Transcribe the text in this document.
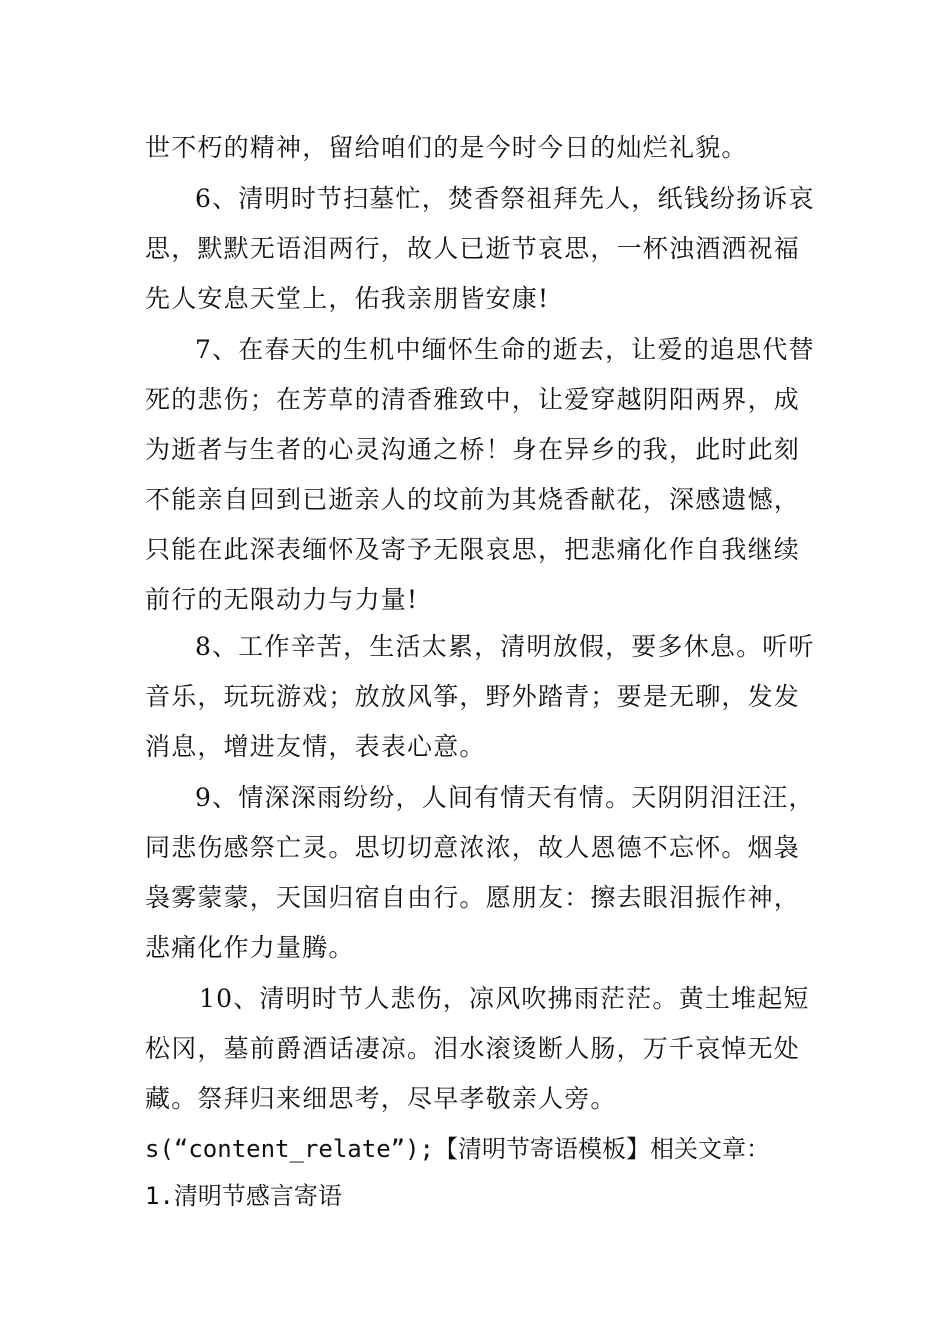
世不朽的精神，留给咱们的是今时今日的灿烂礼貌。
6、清明时节扫墓忙，焚香祭祖拜先人，纸钱纷扬诉哀
思，默默无语泪两行，故人已逝节哀思，一杯浊酒洒祝福
先人安息天堂上，佑我亲朋皆安康!
7、在春天的生机中缅怀生命的逝去，让爱的追思代替
死的悲伤；在芳草的清香雅致中，让爱穿越阴阳两界，成
为逝者与生者的心灵沟通之桥！身在异乡的我，此时此刻
不能亲自回到已逝亲人的坟前为其烧香献花，深感遗憾，
只能在此深表缅怀及寄予无限哀思，把悲痛化作自我继续
前行的无限动力与力量!
8、工作辛苦，生活太累，清明放假，要多休息。听听
音乐，玩玩游戏；放放风筝，野外踏青；要是无聊，发发
消息，增进友情，表表心意。
9、情深深雨纷纷，人间有情天有情。天阴阴泪汪汪，
同悲伤感祭亡灵。思切切意浓浓，故人恩德不忘怀。烟袅
袅雾蒙蒙，天国归宿自由行。愿朋友：擦去眼泪振作神，
悲痛化作力量腾。
10、清明时节人悲伤，凉风吹拂雨茫茫。黄土堆起短
松冈，墓前爵酒话凄凉。泪水滚烫断人肠，万千哀悼无处
藏。祭拜归来细思考，尽早孝敬亲人旁。
s(“content_relate”);【清明节寄语模板】相关文章：
1.清明节感言寄语
